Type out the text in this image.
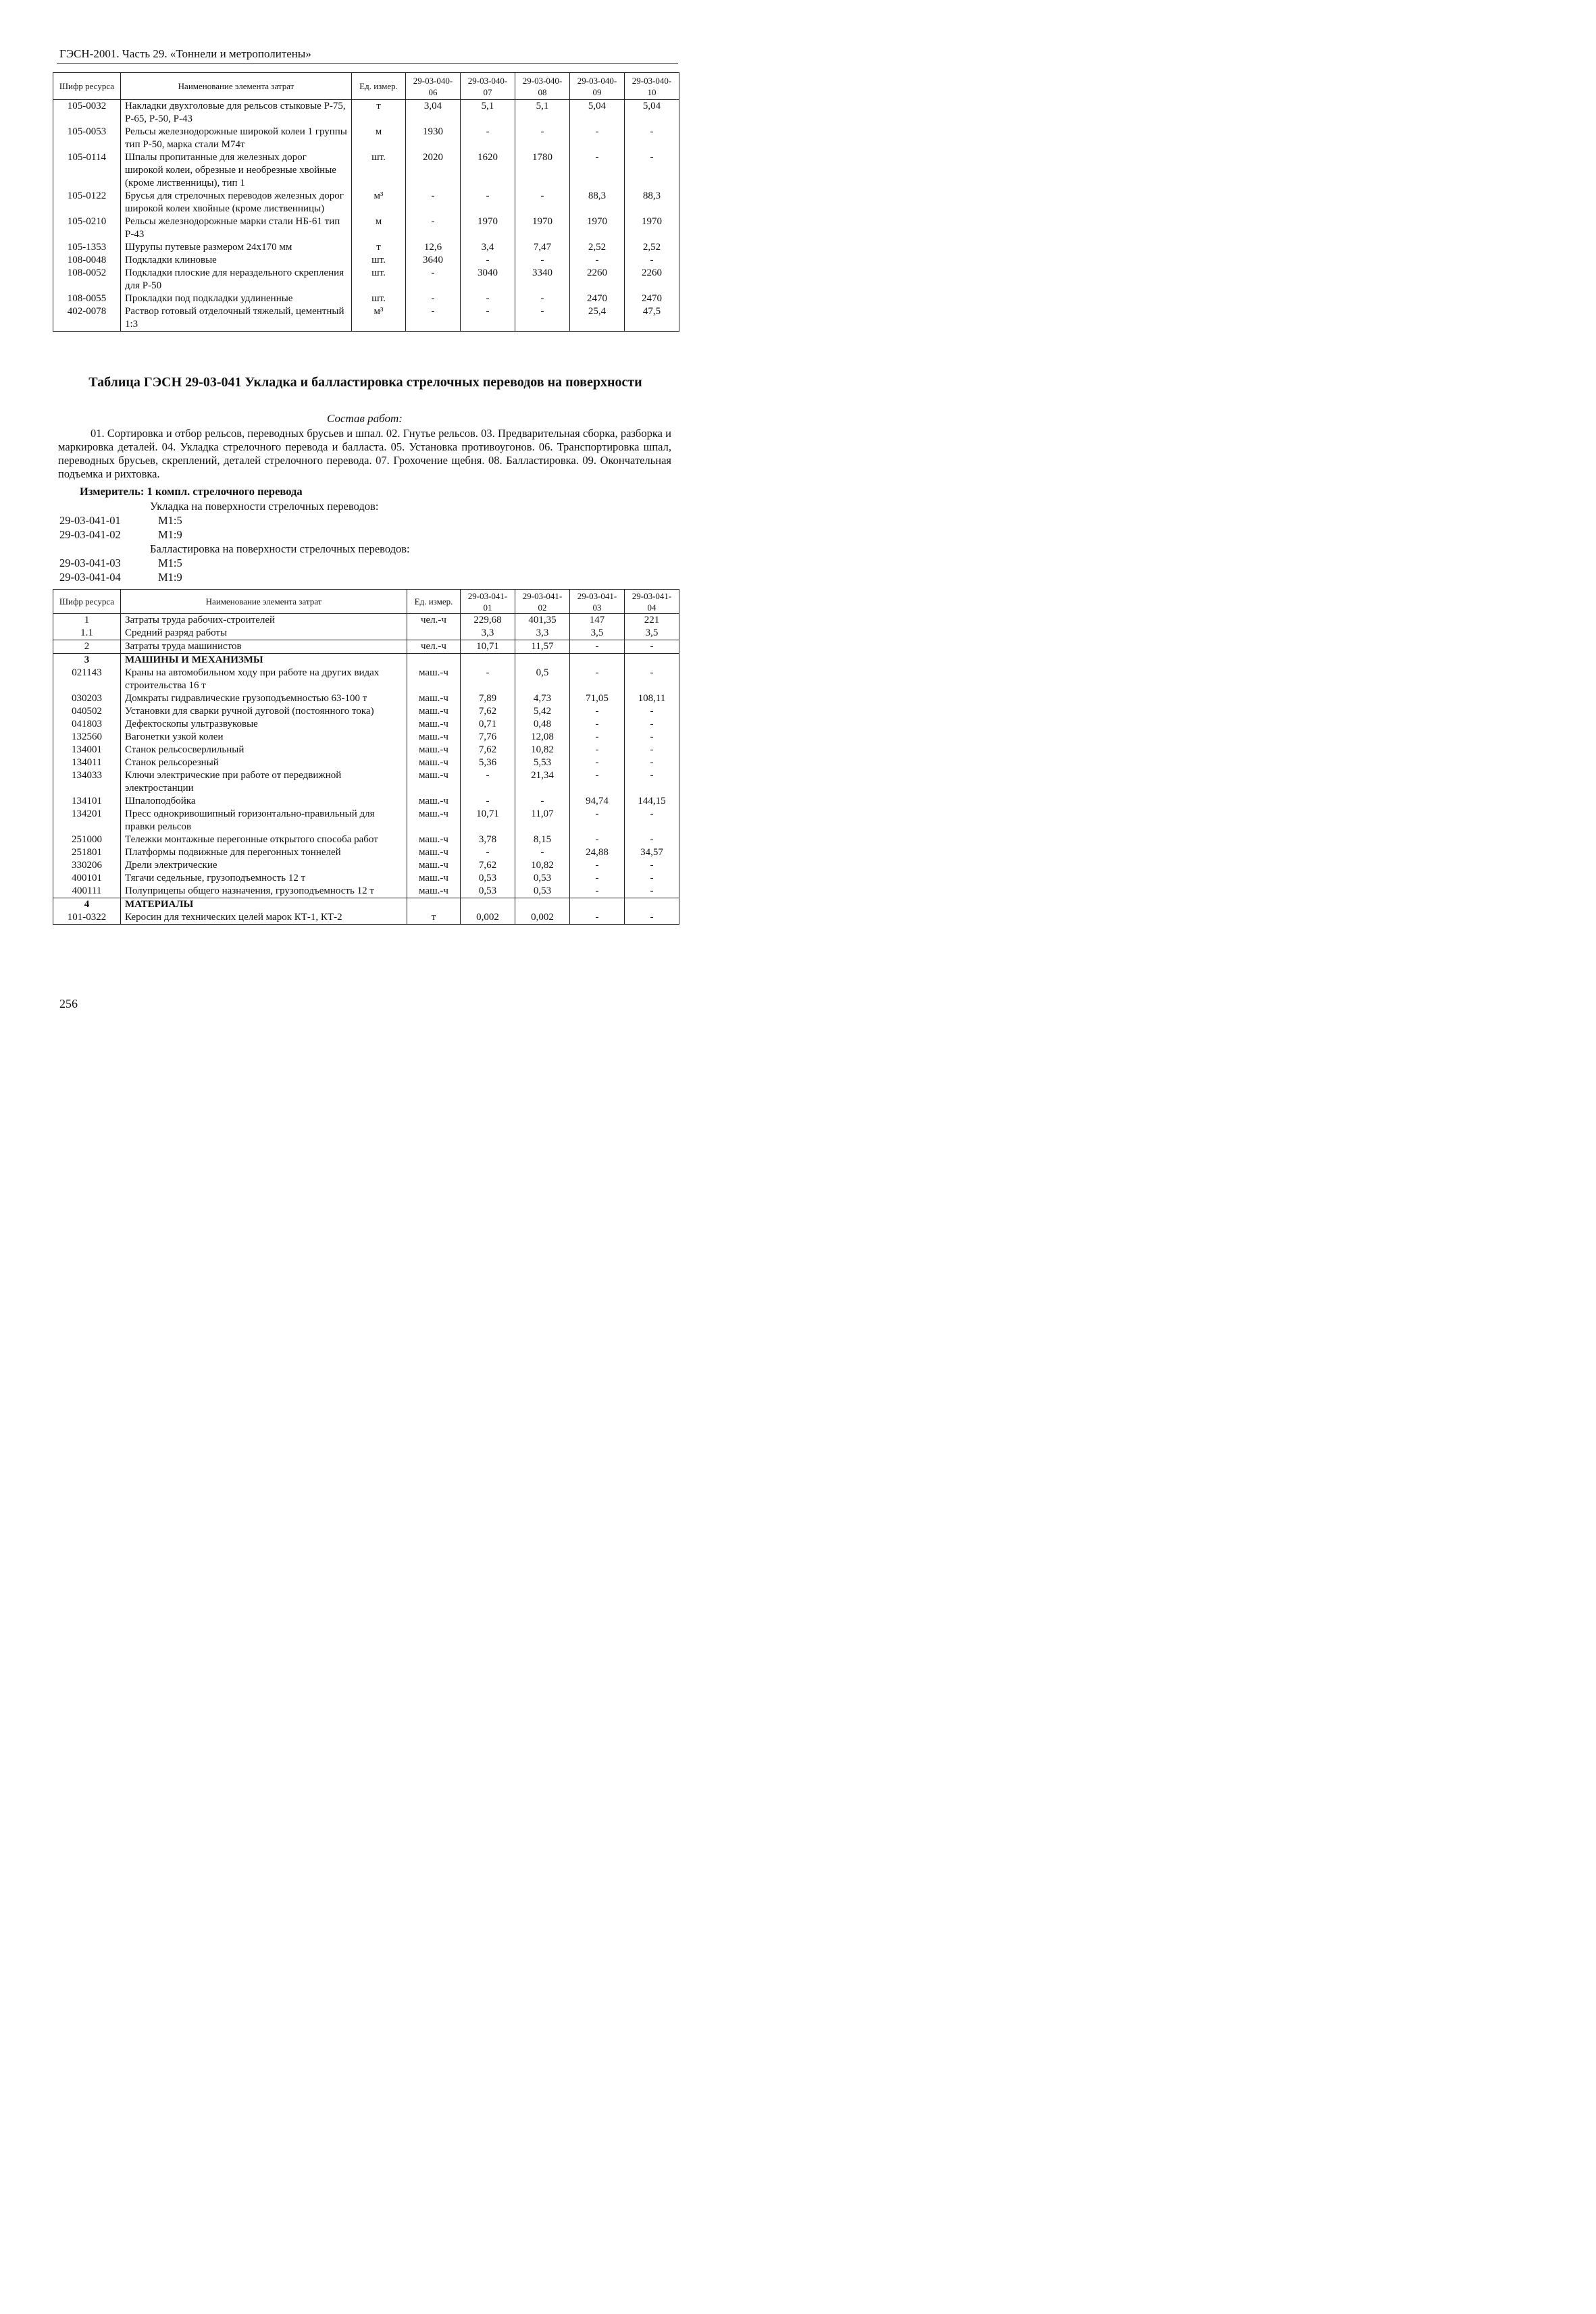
ГЭСН-2001. Часть 29. «Тоннели и метрополитены»
Шифр ресурса	Наименование элемента затрат	Ед. измер.	29-03-040-06	29-03-040-07	29-03-040-08	29-03-040-09	29-03-040-10
105-0032	Накладки двухголовые для рельсов стыковые Р-75, Р-65, Р-50, Р-43	т	3,04	5,1	5,1	5,04	5,04
105-0053	Рельсы железнодорожные широкой колеи 1 группы тип Р-50, марка стали М74т	м	1930	-	-	-	-
105-0114	Шпалы пропитанные для железных дорог широкой колеи, обрезные и необрезные хвойные (кроме лиственницы), тип 1	шт.	2020	1620	1780	-	-
105-0122	Брусья для стрелочных переводов железных дорог широкой колеи хвойные (кроме лиственницы)	м³	-	-	-	88,3	88,3
105-0210	Рельсы железнодорожные марки стали НБ-61 тип Р-43	м	-	1970	1970	1970	1970
105-1353	Шурупы путевые размером 24х170 мм	т	12,6	3,4	7,47	2,52	2,52
108-0048	Подкладки клиновые	шт.	3640	-	-	-	-
108-0052	Подкладки плоские для нераздельного скрепления для Р-50	шт.	-	3040	3340	2260	2260
108-0055	Прокладки под подкладки удлиненные	шт.	-	-	-	2470	2470
402-0078	Раствор готовый отделочный тяжелый, цементный 1:3	м³	-	-	-	25,4	47,5
Таблица ГЭСН 29-03-041 Укладка и балластировка стрелочных переводов на поверхности
Состав работ:
01. Сортировка и отбор рельсов, переводных брусьев и шпал. 02. Гнутье рельсов. 03. Предварительная сборка, разборка и маркировка деталей. 04. Укладка стрелочного перевода и балласта. 05. Установка противоугонов. 06. Транспортировка шпал, переводных брусьев, скреплений, деталей стрелочного перевода. 07. Грохочение щебня. 08. Балластировка. 09. Окончательная подъемка и рихтовка.
Измеритель: 1 компл. стрелочного перевода
Укладка на поверхности стрелочных переводов:
29-03-041-01	М1:5
29-03-041-02	М1:9
Балластировка на поверхности стрелочных переводов:
29-03-041-03	М1:5
29-03-041-04	М1:9
Шифр ресурса	Наименование элемента затрат	Ед. измер.	29-03-041-01	29-03-041-02	29-03-041-03	29-03-041-04
1	Затраты труда рабочих-строителей	чел.-ч	229,68	401,35	147	221
1.1	Средний разряд работы		3,3	3,3	3,5	3,5
2	Затраты труда машинистов	чел.-ч	10,71	11,57	-	-
3	МАШИНЫ И МЕХАНИЗМЫ					
021143	Краны на автомобильном ходу при работе на других видах строительства 16 т	маш.-ч	-	0,5	-	-
030203	Домкраты гидравлические грузоподъемностью 63-100 т	маш.-ч	7,89	4,73	71,05	108,11
040502	Установки для сварки ручной дуговой (постоянного тока)	маш.-ч	7,62	5,42	-	-
041803	Дефектоскопы ультразвуковые	маш.-ч	0,71	0,48	-	-
132560	Вагонетки узкой колеи	маш.-ч	7,76	12,08	-	-
134001	Станок рельсосверлильный	маш.-ч	7,62	10,82	-	-
134011	Станок рельсорезный	маш.-ч	5,36	5,53	-	-
134033	Ключи электрические при работе от передвижной электростанции	маш.-ч	-	21,34	-	-
134101	Шпалоподбойка	маш.-ч	-	-	94,74	144,15
134201	Пресс однокривошипный горизонтально-правильный для правки рельсов	маш.-ч	10,71	11,07	-	-
251000	Тележки монтажные перегонные открытого способа работ	маш.-ч	3,78	8,15	-	-
251801	Платформы подвижные для перегонных тоннелей	маш.-ч	-	-	24,88	34,57
330206	Дрели электрические	маш.-ч	7,62	10,82	-	-
400101	Тягачи седельные, грузоподъемность 12 т	маш.-ч	0,53	0,53	-	-
400111	Полуприцепы общего назначения, грузоподъемность 12 т	маш.-ч	0,53	0,53	-	-
4	МАТЕРИАЛЫ					
101-0322	Керосин для технических целей марок КТ-1, КТ-2	т	0,002	0,002	-	-
256
